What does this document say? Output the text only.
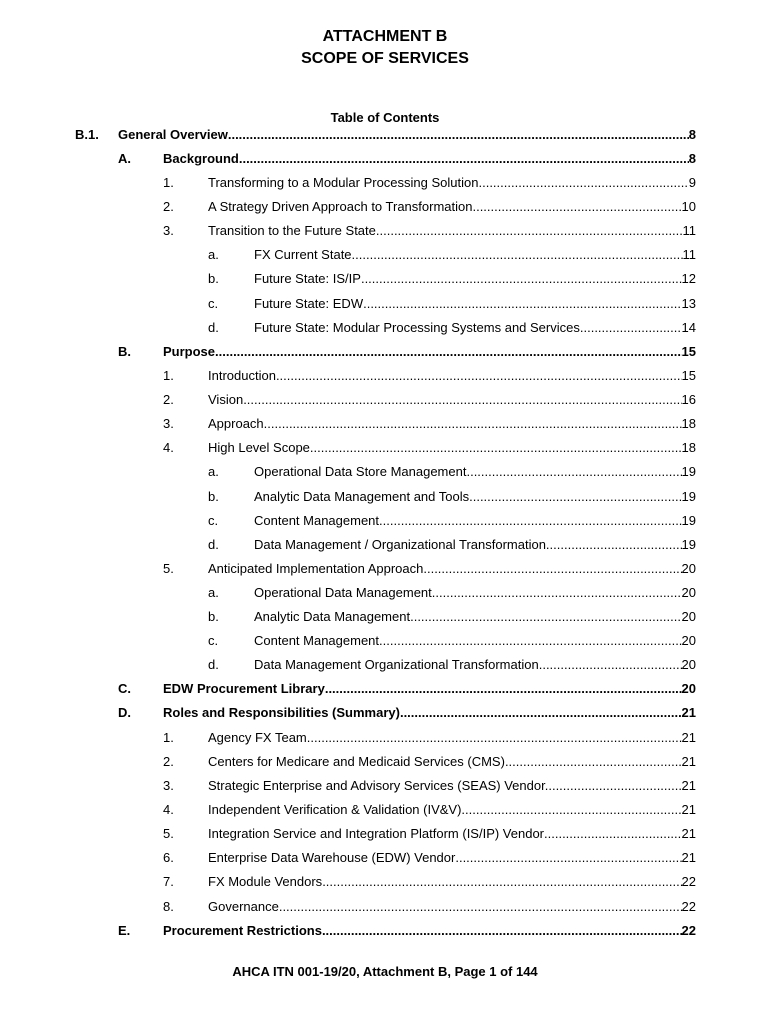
ATTACHMENT B
SCOPE OF SERVICES
Table of Contents
B.1. General Overview .....	8
A. Background .....	8
1.	Transforming to a Modular Processing Solution .....	9
2.	A Strategy Driven Approach to Transformation .....	10
3.	Transition to the Future State .....	11
a.	FX Current State .....	11
b.	Future State: IS/IP .....	12
c.	Future State: EDW .....	13
d.	Future State: Modular Processing Systems and Services. .....	14
B. Purpose .....	15
1.	Introduction .....	15
2.	Vision .....	16
3.	Approach .....	18
4.	High Level Scope .....	18
a.	Operational Data Store Management .....	19
b.	Analytic Data Management and Tools .....	19
c.	Content Management .....	19
d.	Data Management / Organizational Transformation. .....	19
5.	Anticipated Implementation Approach .....	20
a.	Operational Data Management .....	20
b.	Analytic Data Management. .....	20
c.	Content Management .....	20
d.	Data Management Organizational Transformation .....	20
C. EDW Procurement Library .....	20
D. Roles and Responsibilities (Summary) .....	21
1.	Agency FX Team .....	21
2.	Centers for Medicare and Medicaid Services (CMS) .....	21
3.	Strategic Enterprise and Advisory Services (SEAS) Vendor. .....	21
4.	Independent Verification & Validation (IV&V) .....	21
5.	Integration Service and Integration Platform (IS/IP) Vendor .....	21
6.	Enterprise Data Warehouse (EDW) Vendor .....	21
7.	FX Module Vendors .....	22
8.	Governance .....	22
E.	Procurement Restrictions .....	22
AHCA ITN 001-19/20, Attachment B, Page 1 of 144
